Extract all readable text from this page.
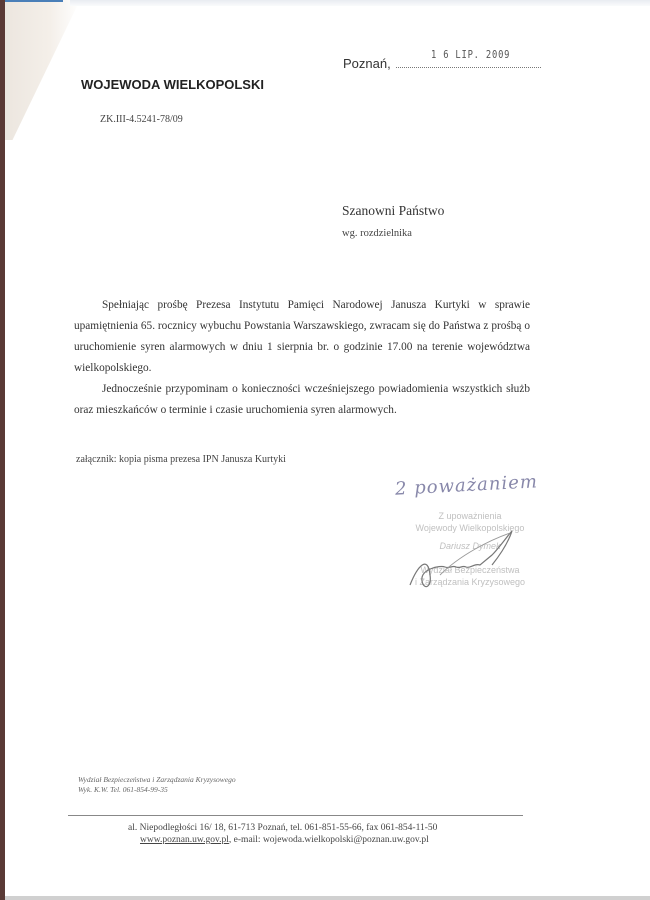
Poznań,
1 6 LIP. 2009
WOJEWODA WIELKOPOLSKI
ZK.III-4.5241-78/09
Szanowni Państwo
wg. rozdzielnika

Spełniając prośbę Prezesa Instytutu Pamięci Narodowej Janusza Kurtyki w sprawie upamiętnienia 65. rocznicy wybuchu Powstania Warszawskiego, zwracam się do Państwa z prośbą o uruchomienie syren alarmowych w dniu 1 sierpnia br. o godzinie 17.00 na terenie województwa wielkopolskiego.

Jednocześnie przypominam o konieczności wcześniejszego powiadomienia wszystkich służb oraz mieszkańców o terminie i czasie uruchomienia syren alarmowych.

załącznik: kopia pisma prezesa IPN Janusza Kurtyki
2 poważaniem
Z upoważnienia
Wojewody Wielkopolskiego
Dariusz Dymek
Wydział Bezpieczeństwa
i Zarządzania Kryzysowego
Wydział Bezpieczeństwa i Zarządzania Kryzysowego
Wyk. K.W. Tel. 061-854-99-35
al. Niepodległości 16/ 18, 61-713 Poznań, tel. 061-851-55-66, fax 061-854-11-50
www.poznan.uw.gov.pl, e-mail: wojewoda.wielkopolski@poznan.uw.gov.pl
